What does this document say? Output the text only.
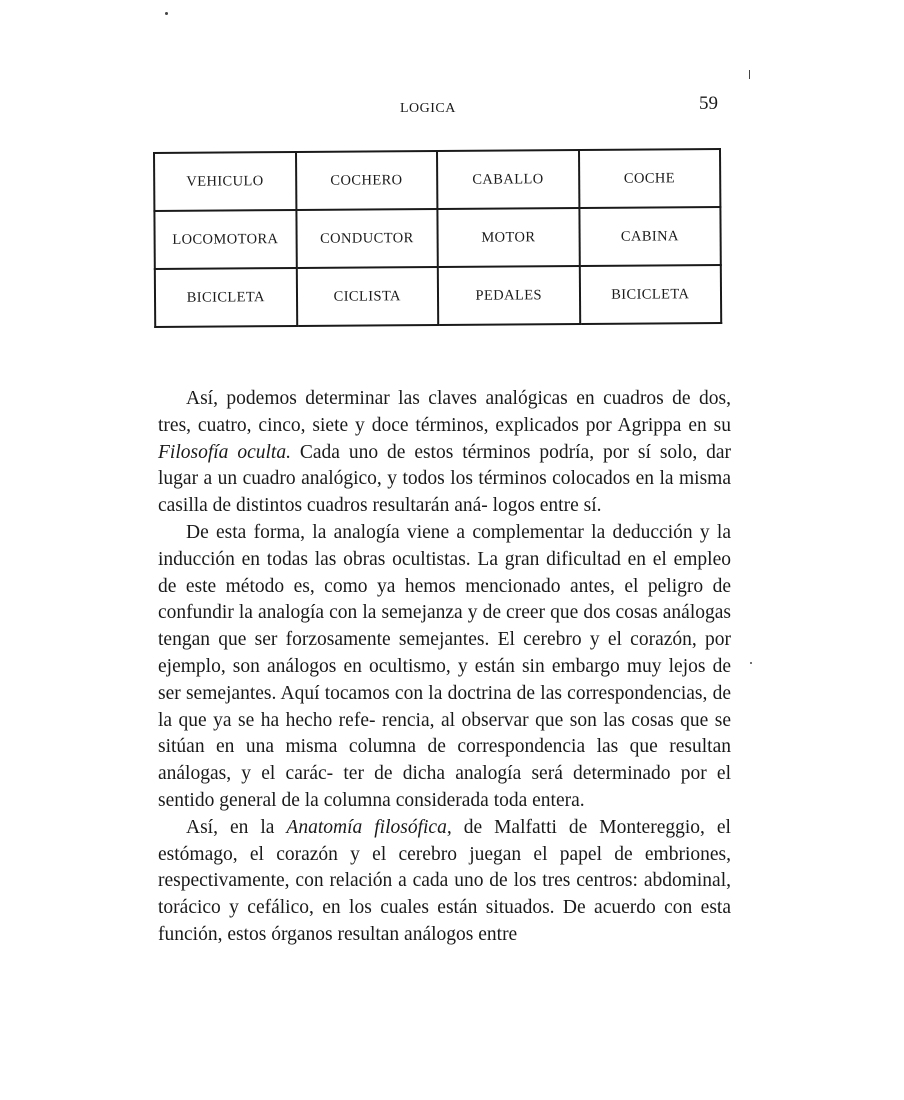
LOGICA	59
VEHICULO	COCHERO	CABALLO	COCHE
LOCOMOTORA	CONDUCTOR	MOTOR	CABINA
BICICLETA	CICLISTA	PEDALES	BICICLETA

Así, podemos determinar las claves analógicas en cuadros de dos, tres, cuatro, cinco, siete y doce términos, explicados por Agrippa en su Filosofía oculta. Cada uno de estos términos podría, por sí solo, dar lugar a un cuadro analógico, y todos los términos colocados en la misma casilla de distintos cuadros resultarán aná- logos entre sí.

De esta forma, la analogía viene a complementar la deducción y la inducción en todas las obras ocultistas. La gran dificultad en el empleo de este método es, como ya hemos mencionado antes, el peligro de confundir la analogía con la semejanza y de creer que dos cosas análogas tengan que ser forzosamente semejantes. El cerebro y el corazón, por ejemplo, son análogos en ocultismo, y están sin embargo muy lejos de ser semejantes. Aquí tocamos con la doctrina de las correspondencias, de la que ya se ha hecho refe- rencia, al observar que son las cosas que se sitúan en una misma columna de correspondencia las que resultan análogas, y el carác- ter de dicha analogía será determinado por el sentido general de la columna considerada toda entera.

Así, en la Anatomía filosófica, de Malfatti de Montereggio, el estómago, el corazón y el cerebro juegan el papel de embriones, respectivamente, con relación a cada uno de los tres centros: abdominal, torácico y cefálico, en los cuales están situados. De acuerdo con esta función, estos órganos resultan análogos entre
